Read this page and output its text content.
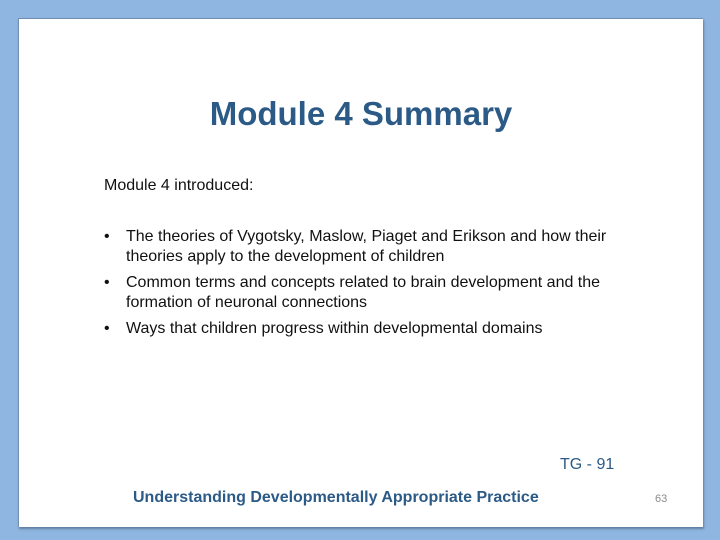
Module 4 Summary
Module 4 introduced:
• The theories of Vygotsky, Maslow, Piaget and Erikson and how their theories apply to the development of children
• Common terms and concepts related to brain development and the formation of neuronal connections
• Ways that children progress within developmental domains
TG - 91
Understanding Developmentally Appropriate Practice	63
